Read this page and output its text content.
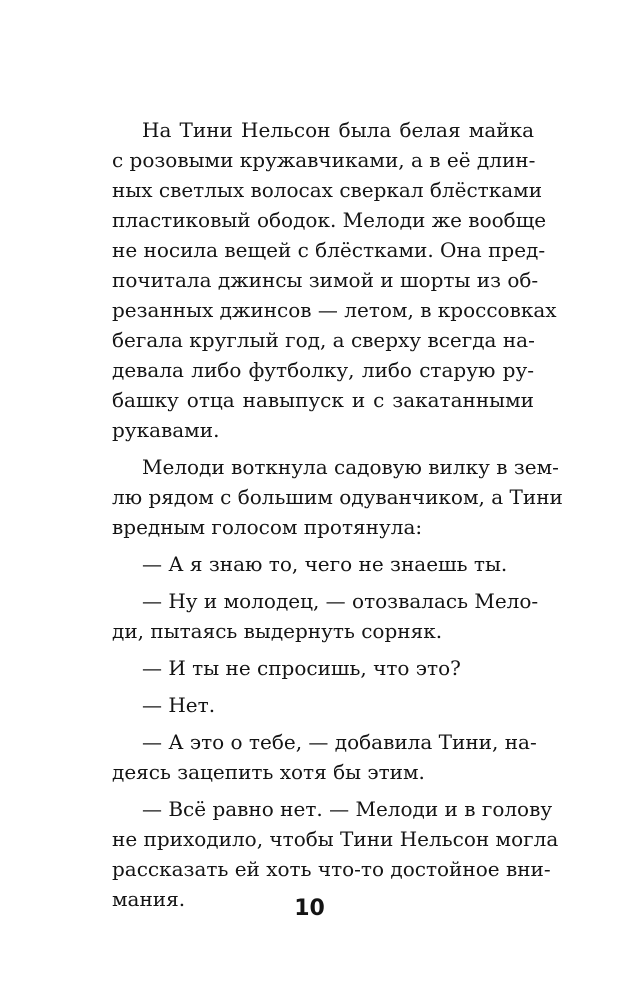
На Тини Нельсон была белая майка
с розовыми кружавчиками, а в её длин-
ных светлых волосах сверкал блёстками
пластиковый ободок. Мелоди же вообще
не носила вещей с блёстками. Она пред-
почитала джинсы зимой и шорты из об-
резанных джинсов — летом, в кроссовках
бегала круглый год, а сверху всегда на-
девала либо футболку, либо старую ру-
башку отца навыпуск и с закатанными
рукавами.
Мелоди воткнула садовую вилку в зем-
лю рядом с большим одуванчиком, а Тини
вредным голосом протянула:
— А я знаю то, чего не знаешь ты.
— Ну и молодец, — отозвалась Мело-
ди, пытаясь выдернуть сорняк.
— И ты не спросишь, что это?
— Нет.
— А это о тебе, — добавила Тини, на-
деясь зацепить хотя бы этим.
— Всё равно нет. — Мелоди и в голову
не приходило, чтобы Тини Нельсон могла
рассказать ей хоть что-то достойное вни-
мания.	10
